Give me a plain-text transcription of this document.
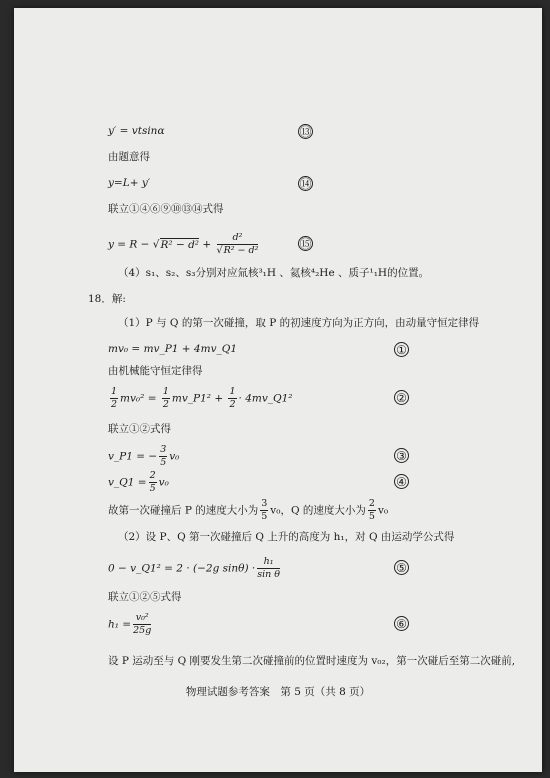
y′ = vtsinα	⑬
由题意得
y=L+ y′	⑭
联立①④⑥⑨⑩⑬⑭式得
$y = R - √R^2 - d^2 + \frac{\text{d²}}{\text{√R² − d²}}$	⑮
（4）s₁、s₂、s₃分别对应氚核³₁H 、氦核⁴₂He 、质子¹₁H的位置。
18．解:
（1）P 与 Q 的第一次碰撞，取 P 的初速度方向为正方向，由动量守恒定律得
mv₀ = mv_P1 + 4mv_Q1	①
由机械能守恒定律得
$\frac{1}{2} mv_0^2 = \frac{1}{2}$ mv_P1² + $\frac{1}{2}$ · 4mv_Q1²	②
联立①②式得
v_P1 = − $\frac{3}{5} v_0$	③
v_Q1 = $\frac{2}{5} v_0$	④
故第一次碰撞后 P 的速度大小为 $\frac{3}{5} v_0$，Q 的速度大小为 $\frac{2}{5} v_0$
（2）设 P、Q 第一次碰撞后 Q 上升的高度为 h₁，对 Q 由运动学公式得
0 − v_Q1² = 2 · (−2g $\sin\theta) \cdot \frac{\text{h₁}}{\text{sin θ}}$	⑤
联立①②⑤式得
$h_1 = \frac{\text{v₀²}}{25g}$	⑥
设 P 运动至与 Q 刚要发生第二次碰撞前的位置时速度为 v₀₂，第一次碰后至第二次碰前,
物理试题参考答案　第 5 页（共 8 页）
